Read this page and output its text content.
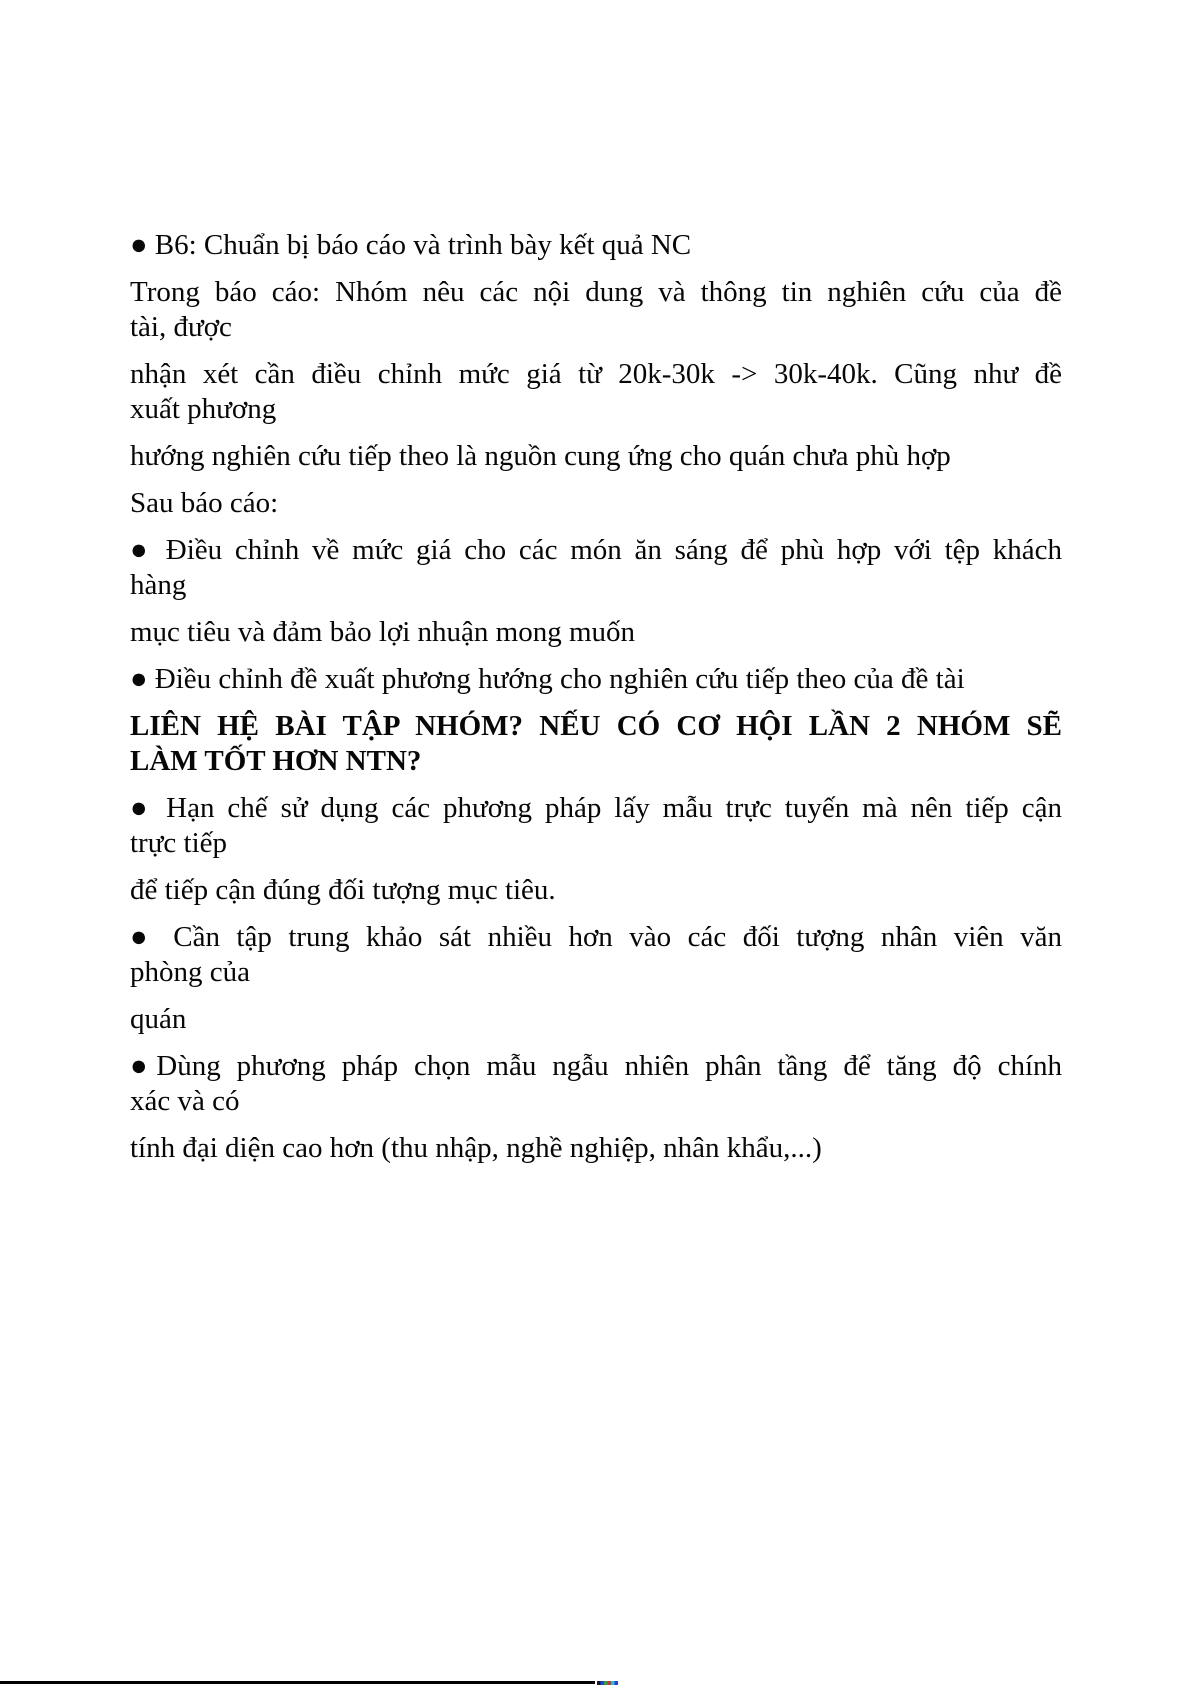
● B6: Chuẩn bị báo cáo và trình bày kết quả NC

Trong báo cáo: Nhóm nêu các nội dung và thông tin nghiên cứu của đề
tài, được

nhận xét cần điều chỉnh mức giá từ 20k-30k -> 30k-40k. Cũng như đề
xuất phương

hướng nghiên cứu tiếp theo là nguồn cung ứng cho quán chưa phù hợp

Sau báo cáo:

● Điều chỉnh về mức giá cho các món ăn sáng để phù hợp với tệp khách
hàng

mục tiêu và đảm bảo lợi nhuận mong muốn

● Điều chỉnh đề xuất phương hướng cho nghiên cứu tiếp theo của đề tài

LIÊN HỆ BÀI TẬP NHÓM? NẾU CÓ CƠ HỘI LẦN 2 NHÓM SẼ
LÀM TỐT HƠN NTN?

● Hạn chế sử dụng các phương pháp lấy mẫu trực tuyến mà nên tiếp cận
trực tiếp

để tiếp cận đúng đối tượng mục tiêu.

● Cần tập trung khảo sát nhiều hơn vào các đối tượng nhân viên văn
phòng của

quán

●Dùng phương pháp chọn mẫu ngẫu nhiên phân tầng để tăng độ chính
xác và có

tính đại diện cao hơn (thu nhập, nghề nghiệp, nhân khẩu,...)
